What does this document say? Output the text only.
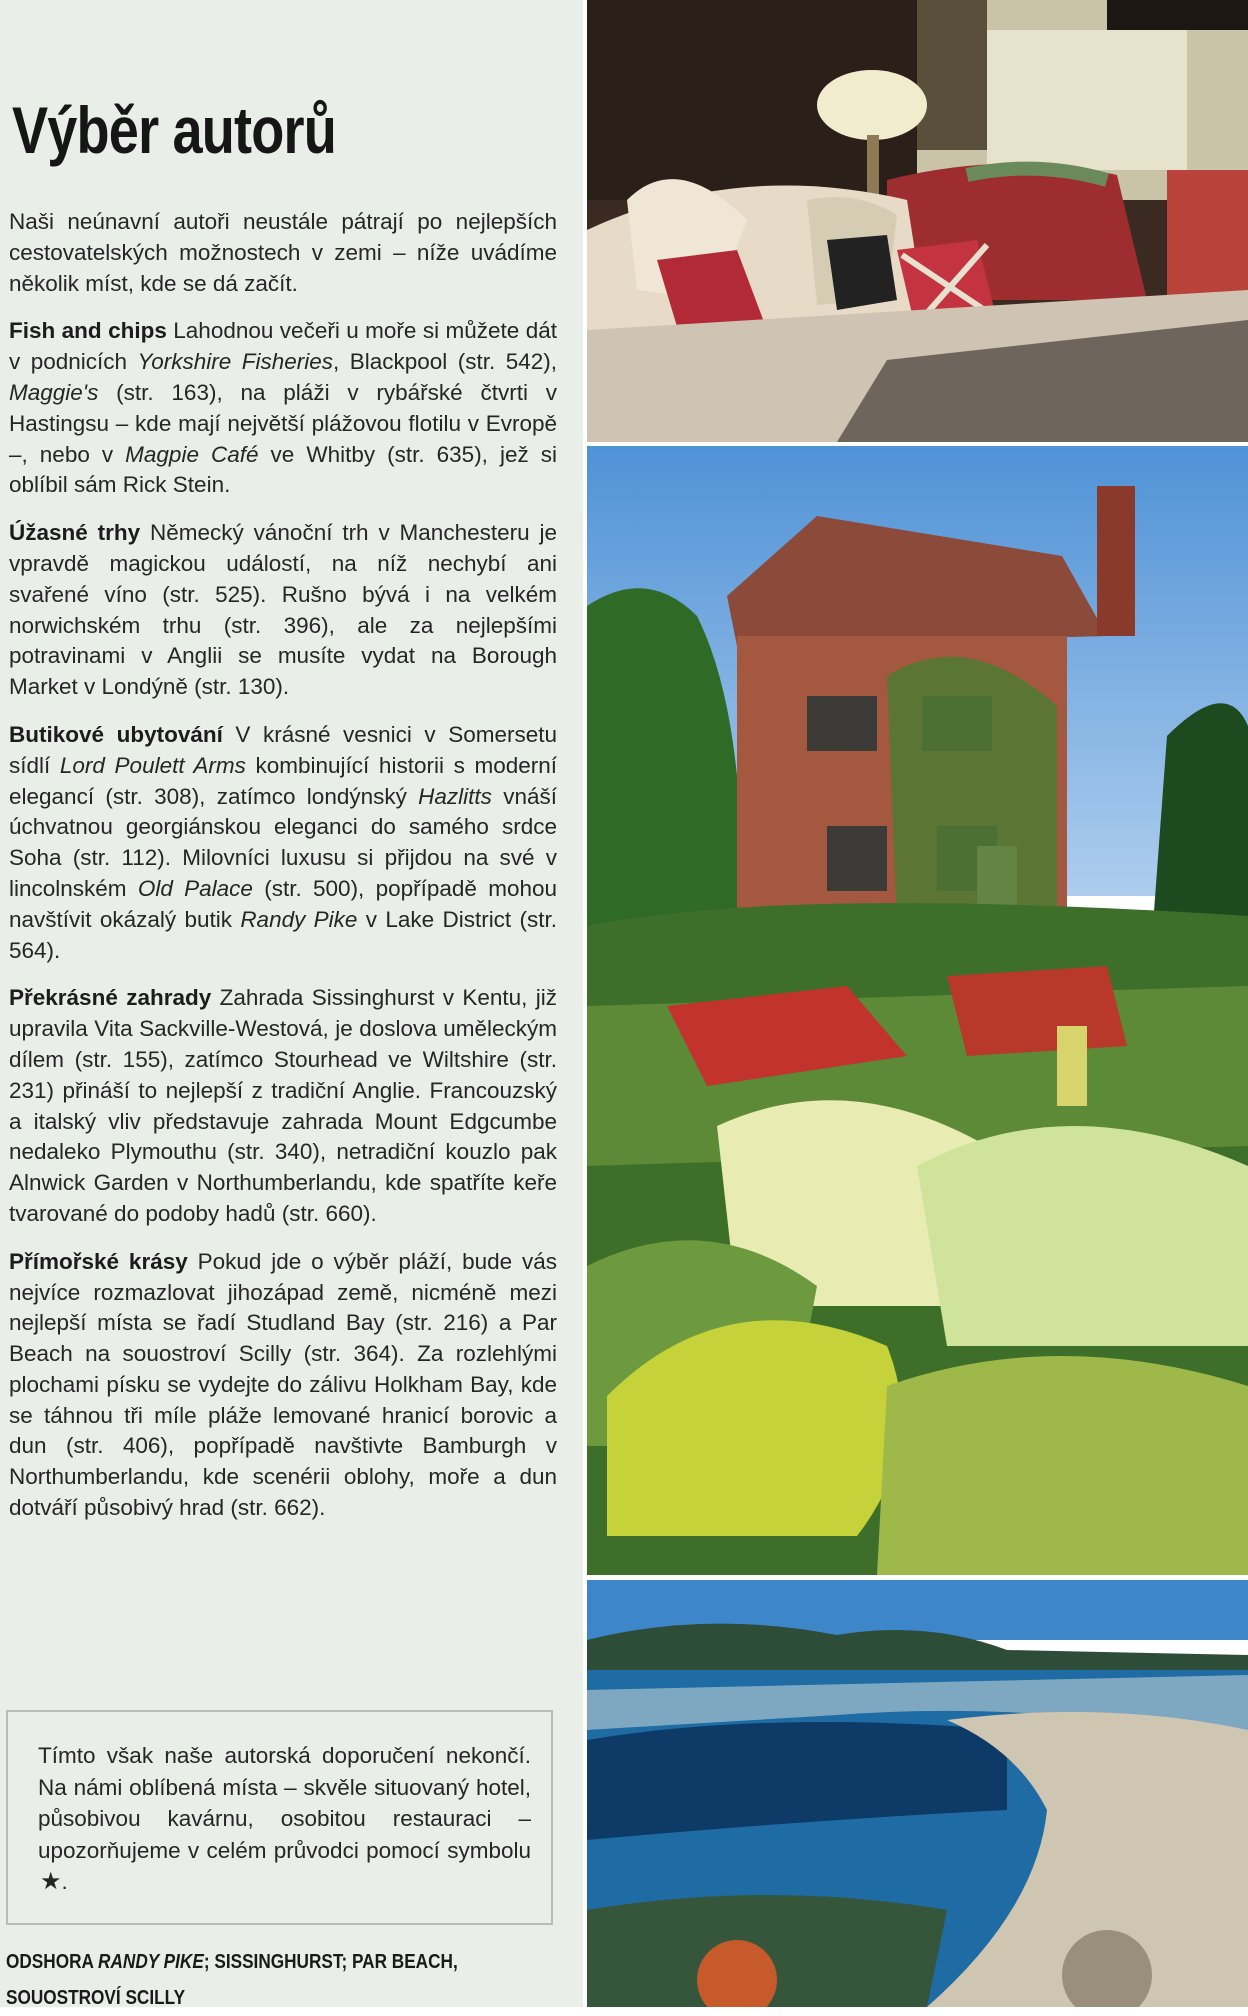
Výběr autorů

Naši neúnavní autoři neustále pátrají po nejlepších cestovatelských možnostech v zemi – níže uvádíme několik míst, kde se dá začít.

Fish and chips Lahodnou večeři u moře si můžete dát v podnicích Yorkshire Fisheries, Blackpool (str. 542), Maggie's (str. 163), na pláži v rybářské čtvrti v Hastingsu – kde mají největší plážovou flotilu v Evropě –, nebo v Magpie Café ve Whitby (str. 635), jež si oblíbil sám Rick Stein.

Úžasné trhy Německý vánoční trh v Manchesteru je vpravdě magickou událostí, na níž nechybí ani svařené víno (str. 525). Rušno bývá i na velkém norwichském trhu (str. 396), ale za nejlepšími potravinami v Anglii se musíte vydat na Borough Market v Londýně (str. 130).

Butikové ubytování V krásné vesnici v Somersetu sídlí Lord Poulett Arms kombinující historii s moderní elegancí (str. 308), zatímco londýnský Hazlitts vnáší úchvatnou georgiánskou eleganci do samého srdce Soha (str. 112). Milovníci luxusu si přijdou na své v lincolnském Old Palace (str. 500), popřípadě mohou navštívit okázalý butik Randy Pike v Lake District (str. 564).

Překrásné zahrady Zahrada Sissinghurst v Kentu, již upravila Vita Sackville-Westová, je doslova uměleckým dílem (str. 155), zatímco Stourhead ve Wiltshire (str. 231) přináší to nejlepší z tradiční Anglie. Francouzský a italský vliv představuje zahrada Mount Edgcumbe nedaleko Plymouthu (str. 340), netradiční kouzlo pak Alnwick Garden v Northumberlandu, kde spatříte keře tvarované do podoby hadů (str. 660).

Přímořské krásy Pokud jde o výběr pláží, bude vás nejvíce rozmazlovat jihozápad země, nicméně mezi nejlepší místa se řadí Studland Bay (str. 216) a Par Beach na souostroví Scilly (str. 364). Za rozlehlými plochami písku se vydejte do zálivu Holkham Bay, kde se táhnou tři míle pláže lemované hranicí borovic a dun (str. 406), popřípadě navštivte Bamburgh v Northumberlandu, kde scenérii oblohy, moře a dun dotváří působivý hrad (str. 662).

Tímto však naše autorská doporučení nekončí. Na námi oblíbená místa – skvěle situovaný hotel, působivou kavárnu, osobitou restauraci – upozorňujeme v celém průvodci pomocí symbolu ★.
ODSHORA RANDY PIKE; SISSINGHURST; PAR BEACH, SOUOSTROVÍ SCILLY
